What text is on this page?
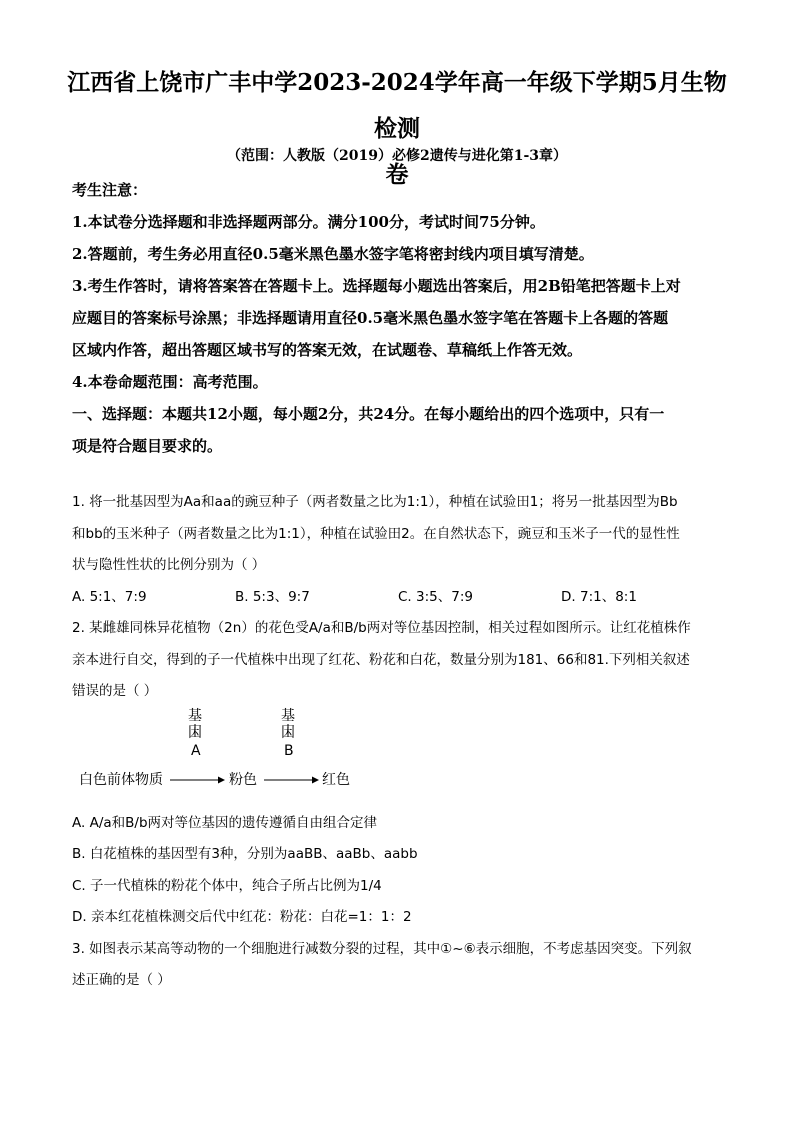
江西省上饶市广丰中学2023-2024学年高一年级下学期5月生物检测
卷
（范围：人教版（2019）必修2遗传与进化第1-3章）

考生注意：

1.本试卷分选择题和非选择题两部分。满分100分，考试时间75分钟。

2.答题前，考生务必用直径0.5毫米黑色墨水签字笔将密封线内项目填写清楚。

3.考生作答时，请将答案答在答题卡上。选择题每小题选出答案后，用2B铅笔把答题卡上对

应题目的答案标号涂黑；非选择题请用直径0.5毫米黑色墨水签字笔在答题卡上各题的答题

区域内作答，超出答题区域书写的答案无效，在试题卷、草稿纸上作答无效。

4.本卷命题范围：高考范围。

一、选择题：本题共12小题，每小题2分，共24分。在每小题给出的四个选项中，只有一

项是符合题目要求的。

1. 将一批基因型为Aa和aa的豌豆种子（两者数量之比为1:1），种植在试验田1；将另一批基因型为Bb

和bb的玉米种子（两者数量之比为1:1），种植在试验田2。在自然状态下，豌豆和玉米子一代的显性性

状与隐性性状的比例分别为（ ）

A. 5:1、7:9	B. 5:3、9:7	C. 3:5、7:9	D. 7:1、8:1

2. 某雌雄同株异花植物（2n）的花色受A/a和B/b两对等位基因控制，相关过程如图所示。让红花植株作

亲本进行自交，得到的子一代植株中出现了红花、粉花和白花，数量分别为181、66和81.下列相关叙述

错误的是（ ）

基
因
A
基
因
B
白色前体物质	粉色	红色

A. A/a和B/b两对等位基因的遗传遵循自由组合定律

B. 白花植株的基因型有3种，分别为aaBB、aaBb、aabb

C. 子一代植株的粉花个体中，纯合子所占比例为1/4

D. 亲本红花植株测交后代中红花：粉花：白花=1：1：2

3. 如图表示某高等动物的一个细胞进行减数分裂的过程，其中①~⑥表示细胞，不考虑基因突变。下列叙

述正确的是（ ）
